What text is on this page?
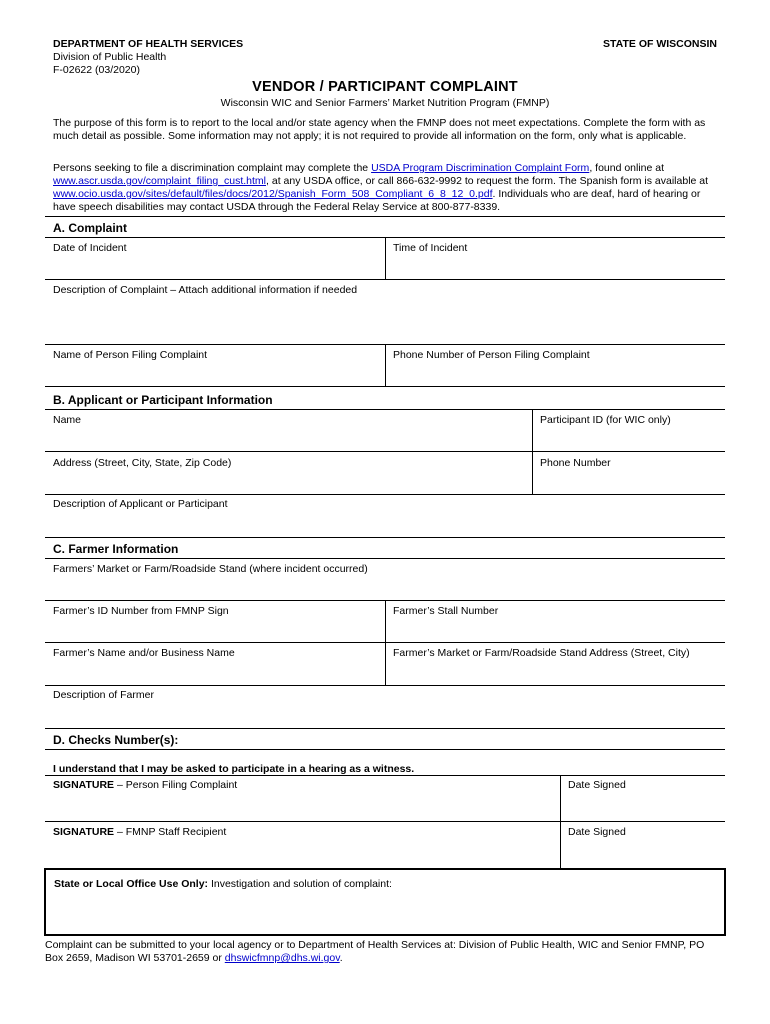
DEPARTMENT OF HEALTH SERVICES
Division of Public Health
F-02622 (03/2020)
STATE OF WISCONSIN
VENDOR / PARTICIPANT COMPLAINT
Wisconsin WIC and Senior Farmers’ Market Nutrition Program (FMNP)
The purpose of this form is to report to the local and/or state agency when the FMNP does not meet expectations. Complete the form with as much detail as possible. Some information may not apply; it is not required to provide all information on the form, only what is applicable.
Persons seeking to file a discrimination complaint may complete the USDA Program Discrimination Complaint Form, found online at www.ascr.usda.gov/complaint_filing_cust.html, at any USDA office, or call 866-632-9992 to request the form. The Spanish form is available at www.ocio.usda.gov/sites/default/files/docs/2012/Spanish_Form_508_Compliant_6_8_12_0.pdf. Individuals who are deaf, hard of hearing or have speech disabilities may contact USDA through the Federal Relay Service at 800-877-8339.
A. Complaint
Date of Incident	Time of Incident
Description of Complaint – Attach additional information if needed
Name of Person Filing Complaint	Phone Number of Person Filing Complaint
B. Applicant or Participant Information
Name	Participant ID (for WIC only)
Address (Street, City, State, Zip Code)	Phone Number
Description of Applicant or Participant
C. Farmer Information
Farmers’ Market or Farm/Roadside Stand (where incident occurred)
Farmer’s ID Number from FMNP Sign	Farmer’s Stall Number
Farmer’s Name and/or Business Name	Farmer’s Market or Farm/Roadside Stand Address (Street, City)
Description of Farmer
D. Checks Number(s):
I understand that I may be asked to participate in a hearing as a witness.
SIGNATURE – Person Filing Complaint	Date Signed
SIGNATURE – FMNP Staff Recipient	Date Signed
State or Local Office Use Only: Investigation and solution of complaint:
Complaint can be submitted to your local agency or to Department of Health Services at: Division of Public Health, WIC and Senior FMNP, PO Box 2659, Madison WI 53701-2659 or dhswicfmnp@dhs.wi.gov.
